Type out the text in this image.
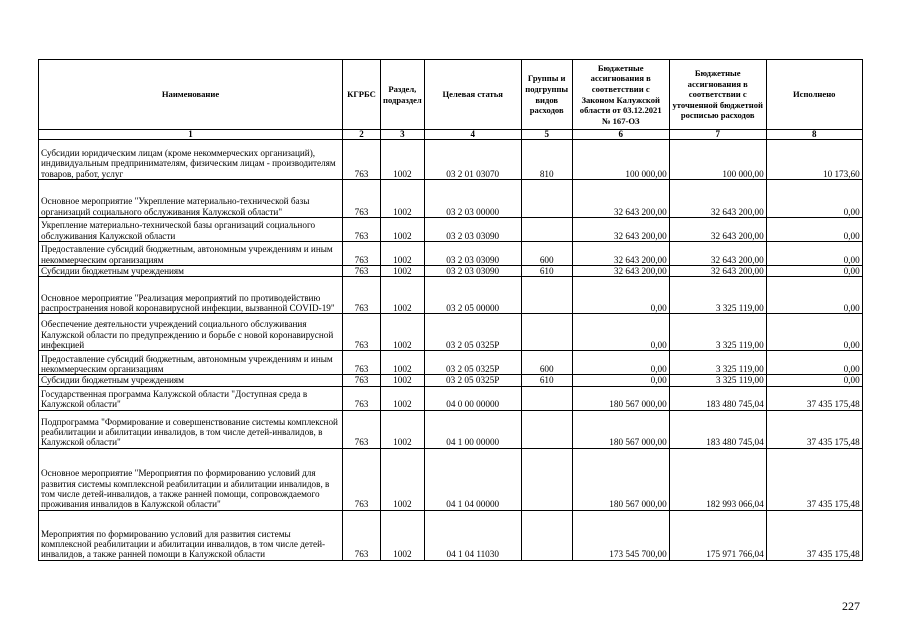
Наименование	КГРБС	Раздел, подраздел	Целевая статья	Группы и подгруппы видов расходов	Бюджетные ассигнования в соответствии с Законом Калужской области от 03.12.2021 № 167-ОЗ	Бюджетные ассигнования в соответствии с уточненной бюджетной росписью расходов	Исполнено
1	2	3	4	5	6	7	8
Субсидии юридическим лицам (кроме некоммерческих организаций), индивидуальным предпринимателям, физическим лицам - производителям товаров, работ, услуг	763	1002	03 2 01 03070	810	100 000,00	100 000,00	10 173,60
Основное мероприятие "Укрепление материально-технической базы организаций социального обслуживания Калужской области"	763	1002	03 2 03 00000		32 643 200,00	32 643 200,00	0,00
Укрепление материально-технической базы организаций социального обслуживания Калужской области	763	1002	03 2 03 03090		32 643 200,00	32 643 200,00	0,00
Предоставление субсидий бюджетным, автономным учреждениям и иным некоммерческим организациям	763	1002	03 2 03 03090	600	32 643 200,00	32 643 200,00	0,00
Субсидии бюджетным учреждениям	763	1002	03 2 03 03090	610	32 643 200,00	32 643 200,00	0,00
Основное мероприятие "Реализация мероприятий по противодействию распространения новой коронавирусной инфекции, вызванной COVID-19"	763	1002	03 2 05 00000		0,00	3 325 119,00	0,00
Обеспечение деятельности учреждений социального обслуживания Калужской области по предупреждению и борьбе с новой коронавирусной инфекцией	763	1002	03 2 05 0325Р		0,00	3 325 119,00	0,00
Предоставление субсидий бюджетным, автономным учреждениям и иным некоммерческим организациям	763	1002	03 2 05 0325Р	600	0,00	3 325 119,00	0,00
Субсидии бюджетным учреждениям	763	1002	03 2 05 0325Р	610	0,00	3 325 119,00	0,00
Государственная программа Калужской области "Доступная среда в Калужской области"	763	1002	04 0 00 00000		180 567 000,00	183 480 745,04	37 435 175,48
Подпрограмма "Формирование и совершенствование системы комплексной реабилитации и абилитации инвалидов, в том числе детей-инвалидов, в Калужской области"	763	1002	04 1 00 00000		180 567 000,00	183 480 745,04	37 435 175,48
Основное мероприятие "Мероприятия по формированию условий для развития системы комплексной реабилитации и абилитации инвалидов, в том числе детей-инвалидов, а также ранней помощи, сопровождаемого проживания инвалидов в Калужской области"	763	1002	04 1 04 00000		180 567 000,00	182 993 066,04	37 435 175,48
Мероприятия по формированию условий для развития системы комплексной реабилитации и абилитации инвалидов, в том числе детей-инвалидов, а также ранней помощи в Калужской области	763	1002	04 1 04 11030		173 545 700,00	175 971 766,04	37 435 175,48
227
